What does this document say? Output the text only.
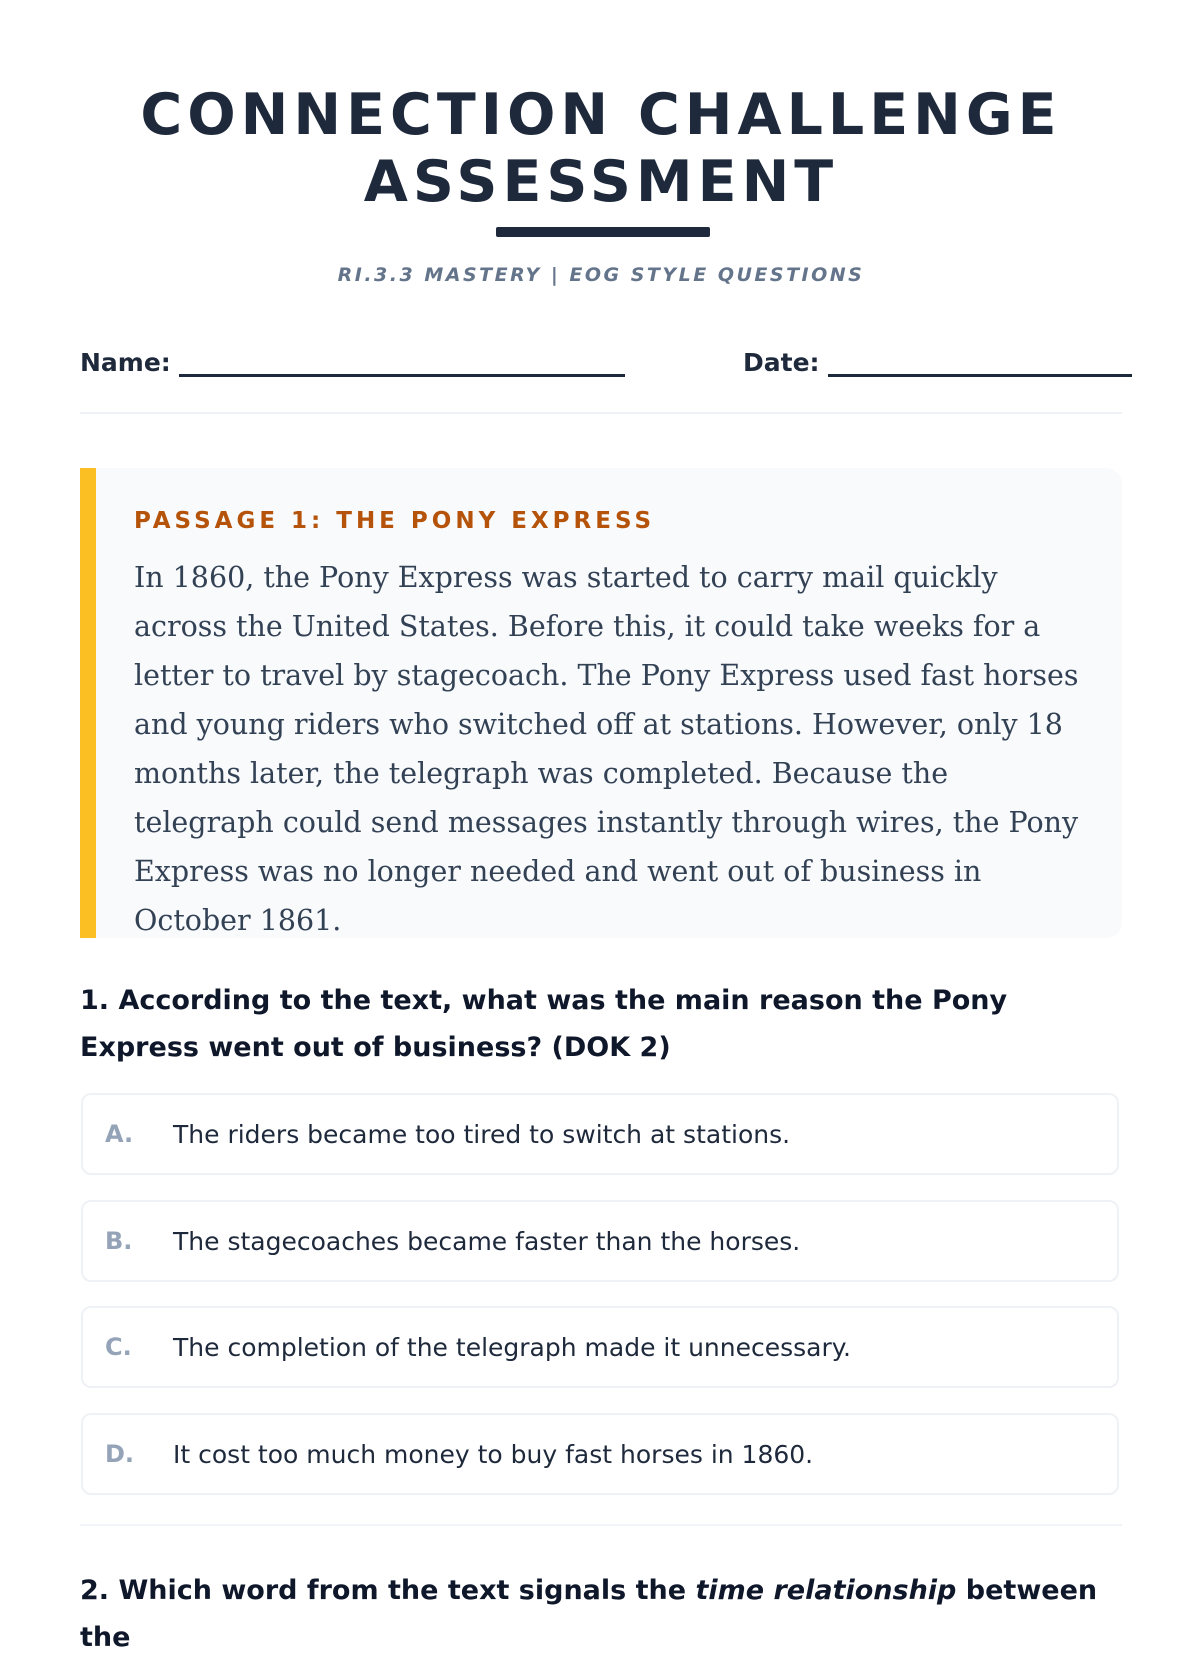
CONNECTION CHALLENGE
ASSESSMENT
RI.3.3 MASTERY | EOG STYLE QUESTIONS
Name:	Date:
PASSAGE 1: THE PONY EXPRESS

In 1860, the Pony Express was started to carry mail quickly across the United States. Before this, it could take weeks for a letter to travel by stagecoach. The Pony Express used fast horses and young riders who switched off at stations. However, only 18 months later, the telegraph was completed. Because the telegraph could send messages instantly through wires, the Pony Express was no longer needed and went out of business in October 1861.

1. According to the text, what was the main reason the Pony Express went out of business? (DOK 2)

A. The riders became too tired to switch at stations.
B. The stagecoaches became faster than the horses.
C. The completion of the telegraph made it unnecessary.
D. It cost too much money to buy fast horses in 1860.

2. Which word from the text signals the time relationship between the
